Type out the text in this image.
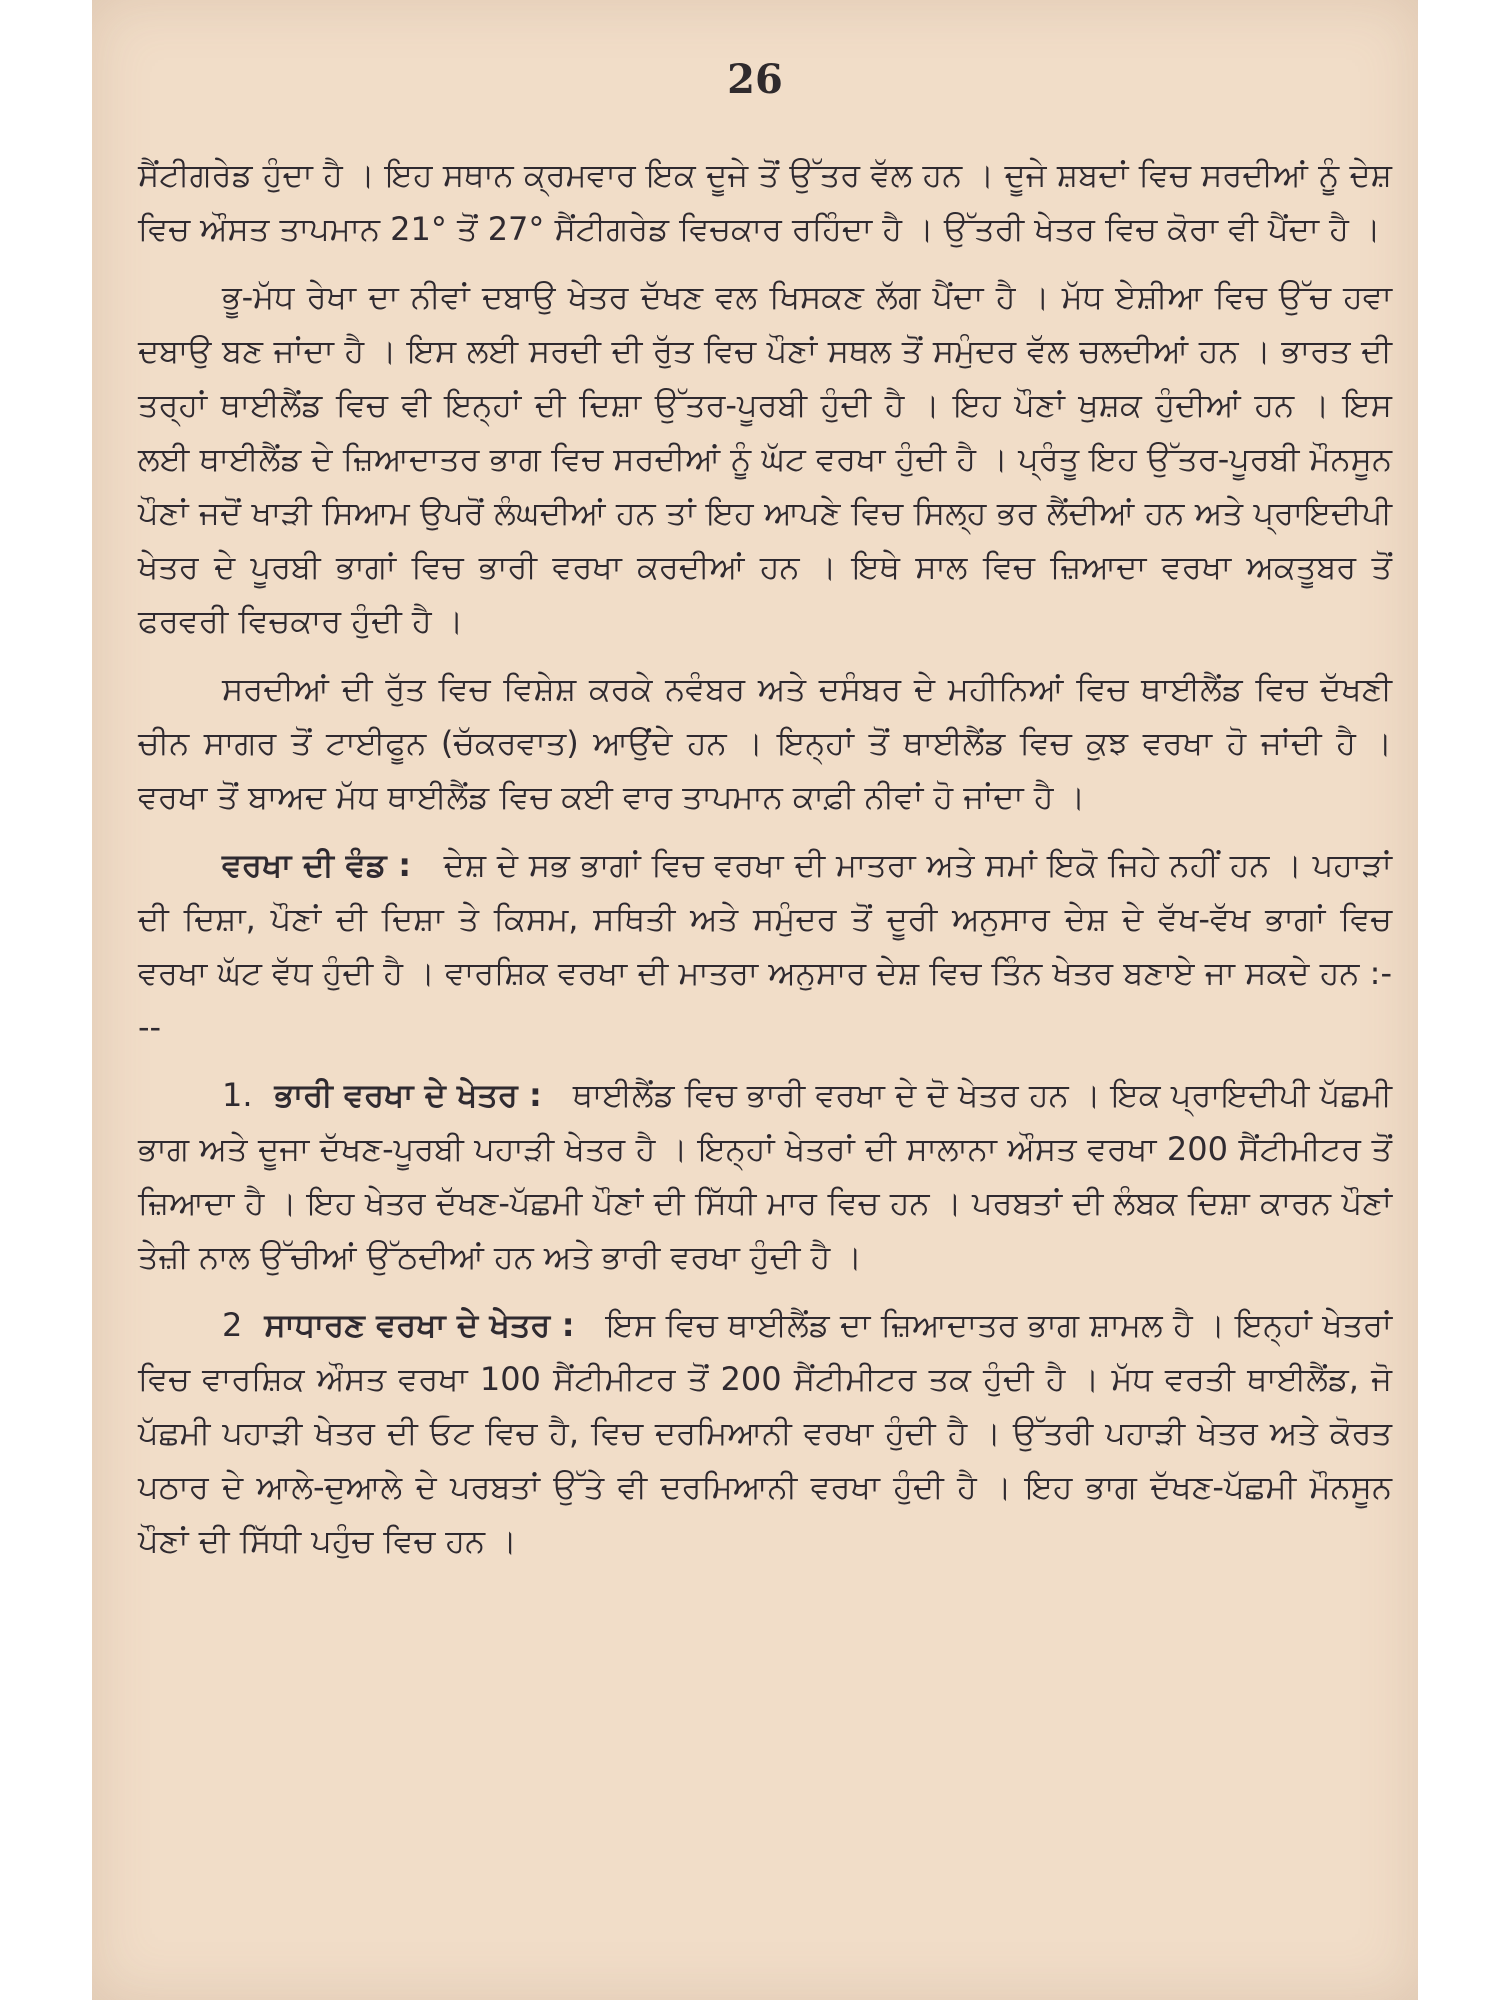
26

ਸੈਂਟੀਗਰੇਡ ਹੁੰਦਾ ਹੈ । ਇਹ ਸਥਾਨ ਕ੍ਰਮਵਾਰ ਇਕ ਦੂਜੇ ਤੋਂ ਉੱਤਰ ਵੱਲ ਹਨ । ਦੂਜੇ ਸ਼ਬਦਾਂ ਵਿਚ ਸਰਦੀਆਂ ਨੂੰ ਦੇਸ਼ ਵਿਚ ਔਸਤ ਤਾਪਮਾਨ 21° ਤੋਂ 27° ਸੈਂਟੀਗਰੇਡ ਵਿਚਕਾਰ ਰਹਿੰਦਾ ਹੈ । ਉੱਤਰੀ ਖੇਤਰ ਵਿਚ ਕੋਰਾ ਵੀ ਪੈਂਦਾ ਹੈ ।

ਭੂ-ਮੱਧ ਰੇਖਾ ਦਾ ਨੀਵਾਂ ਦਬਾਉ ਖੇਤਰ ਦੱਖਣ ਵਲ ਖਿਸਕਣ ਲੱਗ ਪੈਂਦਾ ਹੈ । ਮੱਧ ਏਸ਼ੀਆ ਵਿਚ ਉੱਚ ਹਵਾ ਦਬਾਉ ਬਣ ਜਾਂਦਾ ਹੈ । ਇਸ ਲਈ ਸਰਦੀ ਦੀ ਰੁੱਤ ਵਿਚ ਪੌਣਾਂ ਸਥਲ ਤੋਂ ਸਮੁੰਦਰ ਵੱਲ ਚਲਦੀਆਂ ਹਨ । ਭਾਰਤ ਦੀ ਤਰ੍ਹਾਂ ਥਾਈਲੈਂਡ ਵਿਚ ਵੀ ਇਨ੍ਹਾਂ ਦੀ ਦਿਸ਼ਾ ਉੱਤਰ-ਪੂਰਬੀ ਹੁੰਦੀ ਹੈ । ਇਹ ਪੌਣਾਂ ਖੁਸ਼ਕ ਹੁੰਦੀਆਂ ਹਨ । ਇਸ ਲਈ ਥਾਈਲੈਂਡ ਦੇ ਜ਼ਿਆਦਾਤਰ ਭਾਗ ਵਿਚ ਸਰਦੀਆਂ ਨੂੰ ਘੱਟ ਵਰਖਾ ਹੁੰਦੀ ਹੈ । ਪ੍ਰੰਤੂ ਇਹ ਉੱਤਰ-ਪੂਰਬੀ ਮੌਨਸੂਨ ਪੌਣਾਂ ਜਦੋਂ ਖਾੜੀ ਸਿਆਮ ਉਪਰੋਂ ਲੰਘਦੀਆਂ ਹਨ ਤਾਂ ਇਹ ਆਪਣੇ ਵਿਚ ਸਿਲ੍ਹ ਭਰ ਲੈਂਦੀਆਂ ਹਨ ਅਤੇ ਪ੍ਰਾਇਦੀਪੀ ਖੇਤਰ ਦੇ ਪੂਰਬੀ ਭਾਗਾਂ ਵਿਚ ਭਾਰੀ ਵਰਖਾ ਕਰਦੀਆਂ ਹਨ । ਇਥੇ ਸਾਲ ਵਿਚ ਜ਼ਿਆਦਾ ਵਰਖਾ ਅਕਤੂਬਰ ਤੋਂ ਫਰਵਰੀ ਵਿਚਕਾਰ ਹੁੰਦੀ ਹੈ ।

ਸਰਦੀਆਂ ਦੀ ਰੁੱਤ ਵਿਚ ਵਿਸ਼ੇਸ਼ ਕਰਕੇ ਨਵੰਬਰ ਅਤੇ ਦਸੰਬਰ ਦੇ ਮਹੀਨਿਆਂ ਵਿਚ ਥਾਈਲੈਂਡ ਵਿਚ ਦੱਖਣੀ ਚੀਨ ਸਾਗਰ ਤੋਂ ਟਾਈਫੂਨ (ਚੱਕਰਵਾਤ) ਆਉਂਦੇ ਹਨ । ਇਨ੍ਹਾਂ ਤੋਂ ਥਾਈਲੈਂਡ ਵਿਚ ਕੁਝ ਵਰਖਾ ਹੋ ਜਾਂਦੀ ਹੈ । ਵਰਖਾ ਤੋਂ ਬਾਅਦ ਮੱਧ ਥਾਈਲੈਂਡ ਵਿਚ ਕਈ ਵਾਰ ਤਾਪਮਾਨ ਕਾਫ਼ੀ ਨੀਵਾਂ ਹੋ ਜਾਂਦਾ ਹੈ ।

ਵਰਖਾ ਦੀ ਵੰਡ : ਦੇਸ਼ ਦੇ ਸਭ ਭਾਗਾਂ ਵਿਚ ਵਰਖਾ ਦੀ ਮਾਤਰਾ ਅਤੇ ਸਮਾਂ ਇਕੋ ਜਿਹੇ ਨਹੀਂ ਹਨ । ਪਹਾੜਾਂ ਦੀ ਦਿਸ਼ਾ, ਪੌਣਾਂ ਦੀ ਦਿਸ਼ਾ ਤੇ ਕਿਸਮ, ਸਥਿਤੀ ਅਤੇ ਸਮੁੰਦਰ ਤੋਂ ਦੂਰੀ ਅਨੁਸਾਰ ਦੇਸ਼ ਦੇ ਵੱਖ-ਵੱਖ ਭਾਗਾਂ ਵਿਚ ਵਰਖਾ ਘੱਟ ਵੱਧ ਹੁੰਦੀ ਹੈ । ਵਾਰਸ਼ਿਕ ਵਰਖਾ ਦੀ ਮਾਤਰਾ ਅਨੁਸਾਰ ਦੇਸ਼ ਵਿਚ ਤਿੰਨ ਖੇਤਰ ਬਣਾਏ ਜਾ ਸਕਦੇ ਹਨ :---

1. ਭਾਰੀ ਵਰਖਾ ਦੇ ਖੇਤਰ : ਥਾਈਲੈਂਡ ਵਿਚ ਭਾਰੀ ਵਰਖਾ ਦੇ ਦੋ ਖੇਤਰ ਹਨ । ਇਕ ਪ੍ਰਾਇਦੀਪੀ ਪੱਛਮੀ ਭਾਗ ਅਤੇ ਦੂਜਾ ਦੱਖਣ-ਪੂਰਬੀ ਪਹਾੜੀ ਖੇਤਰ ਹੈ । ਇਨ੍ਹਾਂ ਖੇਤਰਾਂ ਦੀ ਸਾਲਾਨਾ ਔਸਤ ਵਰਖਾ 200 ਸੈਂਟੀਮੀਟਰ ਤੋਂ ਜ਼ਿਆਦਾ ਹੈ । ਇਹ ਖੇਤਰ ਦੱਖਣ-ਪੱਛਮੀ ਪੌਣਾਂ ਦੀ ਸਿੱਧੀ ਮਾਰ ਵਿਚ ਹਨ । ਪਰਬਤਾਂ ਦੀ ਲੰਬਕ ਦਿਸ਼ਾ ਕਾਰਨ ਪੌਣਾਂ ਤੇਜ਼ੀ ਨਾਲ ਉੱਚੀਆਂ ਉੱਠਦੀਆਂ ਹਨ ਅਤੇ ਭਾਰੀ ਵਰਖਾ ਹੁੰਦੀ ਹੈ ।

2 ਸਾਧਾਰਣ ਵਰਖਾ ਦੇ ਖੇਤਰ : ਇਸ ਵਿਚ ਥਾਈਲੈਂਡ ਦਾ ਜ਼ਿਆਦਾਤਰ ਭਾਗ ਸ਼ਾਮਲ ਹੈ । ਇਨ੍ਹਾਂ ਖੇਤਰਾਂ ਵਿਚ ਵਾਰਸ਼ਿਕ ਔਸਤ ਵਰਖਾ 100 ਸੈਂਟੀਮੀਟਰ ਤੋਂ 200 ਸੈਂਟੀਮੀਟਰ ਤਕ ਹੁੰਦੀ ਹੈ । ਮੱਧ ਵਰਤੀ ਥਾਈਲੈਂਡ, ਜੋ ਪੱਛਮੀ ਪਹਾੜੀ ਖੇਤਰ ਦੀ ਓਟ ਵਿਚ ਹੈ, ਵਿਚ ਦਰਮਿਆਨੀ ਵਰਖਾ ਹੁੰਦੀ ਹੈ । ਉੱਤਰੀ ਪਹਾੜੀ ਖੇਤਰ ਅਤੇ ਕੋਰਤ ਪਠਾਰ ਦੇ ਆਲੇ-ਦੁਆਲੇ ਦੇ ਪਰਬਤਾਂ ਉੱਤੇ ਵੀ ਦਰਮਿਆਨੀ ਵਰਖਾ ਹੁੰਦੀ ਹੈ । ਇਹ ਭਾਗ ਦੱਖਣ-ਪੱਛਮੀ ਮੌਨਸੂਨ ਪੌਣਾਂ ਦੀ ਸਿੱਧੀ ਪਹੁੰਚ ਵਿਚ ਹਨ ।
